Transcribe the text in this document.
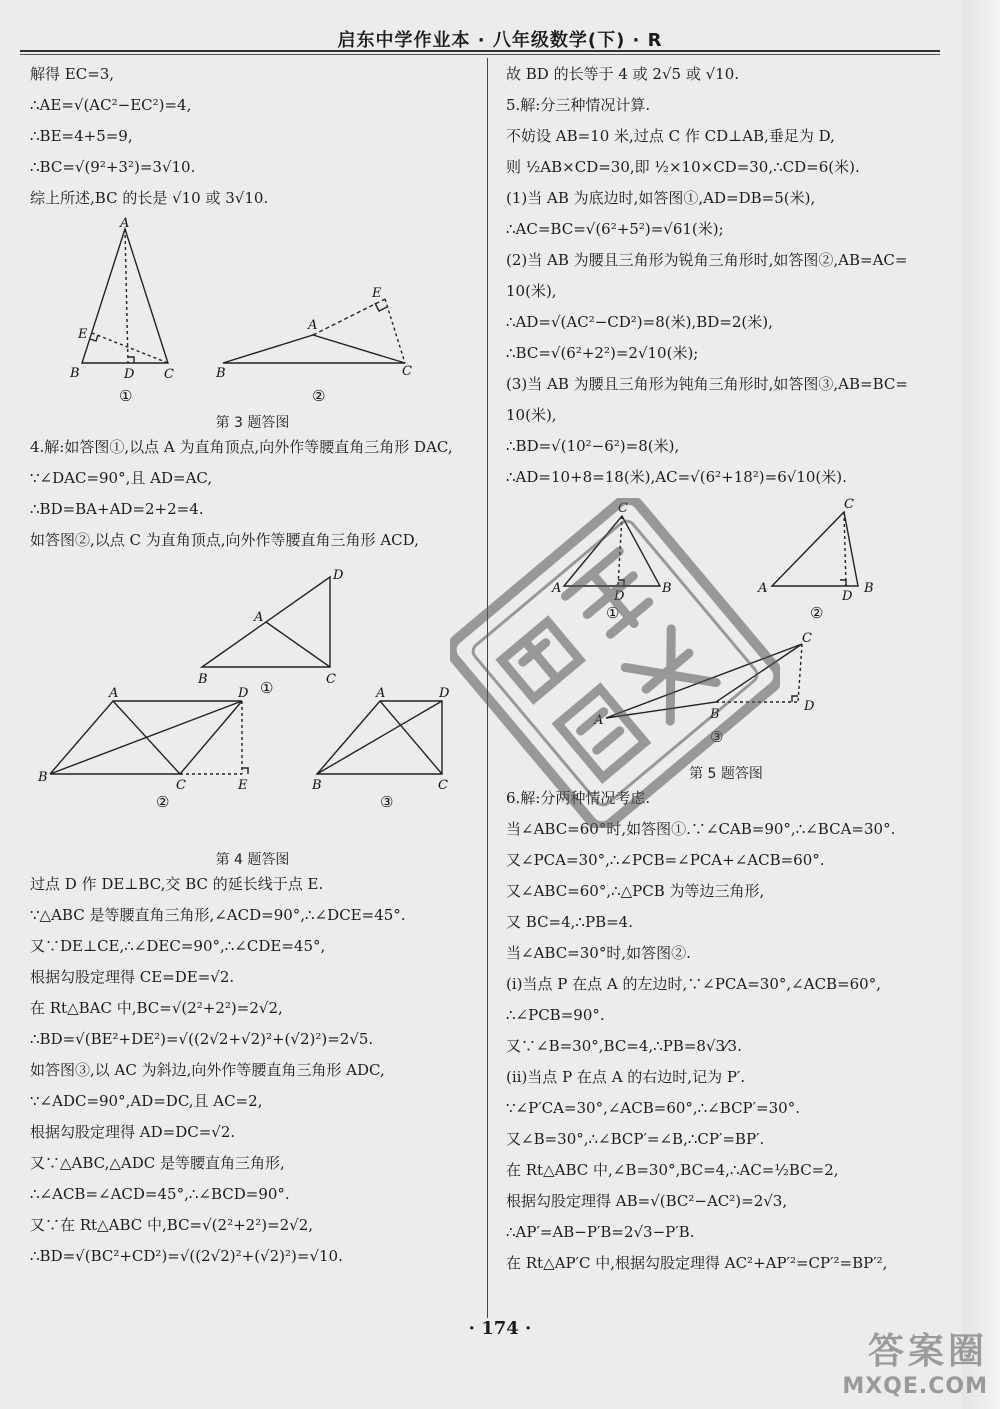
启东中学作业本 · 八年级数学(下) · R
解得 EC=3,
∴AE=√(AC²−EC²)=4,
∴BE=4+5=9,
∴BC=√(9²+3²)=3√10.
综上所述,BC 的长是 √10 或 3√10.
A
E
B	D C
A
E
B	C
①	②
第 3 题答图
4.解:如答图①,以点 A 为直角顶点,向外作等腰直角三角形 DAC,
∵∠DAC=90°,且 AD=AC,
∴BD=BA+AD=2+2=4.
如答图②,以点 C 为直角顶点,向外作等腰直角三角形 ACD,
D
A
B	C
A	D
B
C	E
A	D
B	C
①
②	③
第 4 题答图
过点 D 作 DE⊥BC,交 BC 的延长线于点 E.
∵△ABC 是等腰直角三角形,∠ACD=90°,∴∠DCE=45°.
又∵DE⊥CE,∴∠DEC=90°,∴∠CDE=45°,
根据勾股定理得 CE=DE=√2.
在 Rt△BAC 中,BC=√(2²+2²)=2√2,
∴BD=√(BE²+DE²)=√((2√2+√2)²+(√2)²)=2√5.
如答图③,以 AC 为斜边,向外作等腰直角三角形 ADC,
∵∠ADC=90°,AD=DC,且 AC=2,
根据勾股定理得 AD=DC=√2.
又∵△ABC,△ADC 是等腰直角三角形,
∴∠ACB=∠ACD=45°,∴∠BCD=90°.
又∵在 Rt△ABC 中,BC=√(2²+2²)=2√2,
∴BD=√(BC²+CD²)=√((2√2)²+(√2)²)=√10.
故 BD 的长等于 4 或 2√5 或 √10.
5.解:分三种情况计算.
不妨设 AB=10 米,过点 C 作 CD⊥AB,垂足为 D,
则 ½AB×CD=30,即 ½×10×CD=30,∴CD=6(米).
(1)当 AB 为底边时,如答图①,AD=DB=5(米),
∴AC=BC=√(6²+5²)=√61(米);
(2)当 AB 为腰且三角形为锐角三角形时,如答图②,AB=AC=
10(米),
∴AD=√(AC²−CD²)=8(米),BD=2(米),
∴BC=√(6²+2²)=2√10(米);
(3)当 AB 为腰且三角形为钝角三角形时,如答图③,AB=BC=
10(米),
∴BD=√(10²−6²)=8(米),
∴AD=10+8=18(米),AC=√(6²+18²)=6√10(米).
C
A
D
B
C
A
D
B
C
A	B
D
①	②
③
第 5 题答图
6.解:分两种情况考虑.
当∠ABC=60°时,如答图①.∵∠CAB=90°,∴∠BCA=30°.
又∠PCA=30°,∴∠PCB=∠PCA+∠ACB=60°.
又∠ABC=60°,∴△PCB 为等边三角形,
又 BC=4,∴PB=4.
当∠ABC=30°时,如答图②.
(i)当点 P 在点 A 的左边时,∵∠PCA=30°,∠ACB=60°,
∴∠PCB=90°.
又∵∠B=30°,BC=4,∴PB=8√3⁄3.
(ii)当点 P 在点 A 的右边时,记为 P′.
∵∠P′CA=30°,∠ACB=60°,∴∠BCP′=30°.
又∠B=30°,∴∠BCP′=∠B,∴CP′=BP′.
在 Rt△ABC 中,∠B=30°,BC=4,∴AC=½BC=2,
根据勾股定理得 AB=√(BC²−AC²)=2√3,
∴AP′=AB−P′B=2√3−P′B.
在 Rt△AP′C 中,根据勾股定理得 AC²+AP′²=CP′²=BP′²,
· 174 ·
答案圈
MXQE.COM
